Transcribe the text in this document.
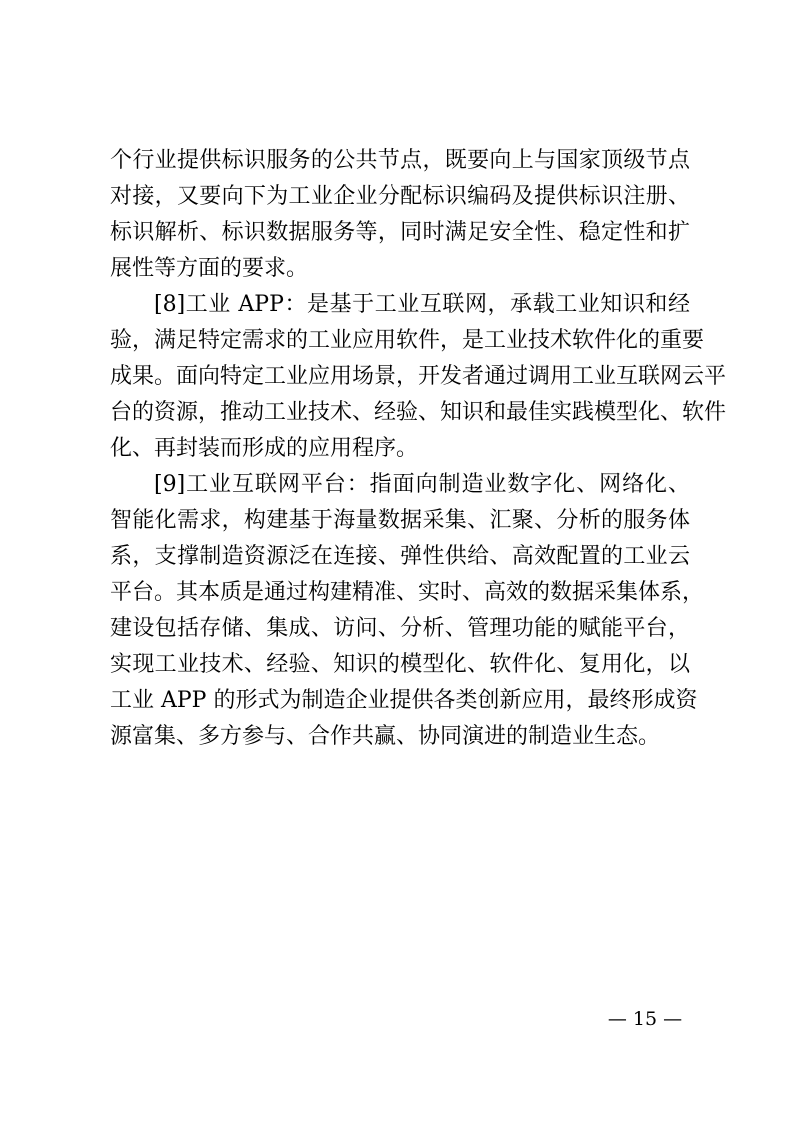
个行业提供标识服务的公共节点，既要向上与国家顶级节点
对接，又要向下为工业企业分配标识编码及提供标识注册、
标识解析、标识数据服务等，同时满足安全性、稳定性和扩
展性等方面的要求。
[8]工业 APP：是基于工业互联网，承载工业知识和经
验，满足特定需求的工业应用软件，是工业技术软件化的重要
成果。面向特定工业应用场景，开发者通过调用工业互联网云平
台的资源，推动工业技术、经验、知识和最佳实践模型化、软件
化、再封装而形成的应用程序。
[9]工业互联网平台：指面向制造业数字化、网络化、
智能化需求，构建基于海量数据采集、汇聚、分析的服务体
系，支撑制造资源泛在连接、弹性供给、高效配置的工业云
平台。其本质是通过构建精准、实时、高效的数据采集体系，
建设包括存储、集成、访问、分析、管理功能的赋能平台，
实现工业技术、经验、知识的模型化、软件化、复用化，以
工业 APP 的形式为制造企业提供各类创新应用，最终形成资
源富集、多方参与、合作共赢、协同演进的制造业生态。
— 15 —
